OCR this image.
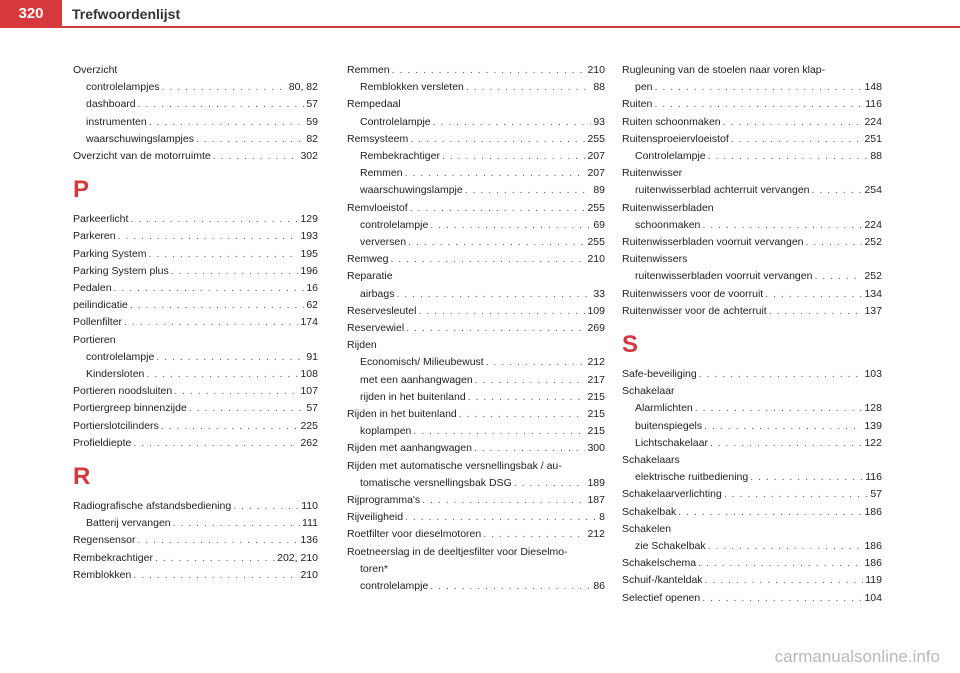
320	Trefwoordenlijst
Overzicht
controlelampjes . . .	80, 82
dashboard . . .	57
instrumenten . . .	59
waarschuwingslampjes . . .	82
Overzicht van de motorruimte . . .	302
P
Parkeerlicht . . .	129
Parkeren . . .	193
Parking System . . .	195
Parking System plus . . .	196
Pedalen . . .	16
peilindicatie . . .	62
Pollenfilter . . .	174
Portieren
controlelampje . . .	91
Kindersloten . . .	108
Portieren noodsluiten . . .	107
Portiergreep binnenzijde . . .	57
Portierslotcilinders . . .	225
Profieldiepte . . .	262
R
Radiografische afstandsbediening . . .	110
Batterij vervangen . . .	111
Regensensor . . .	136
Rembekrachtiger . . .	202, 210
Remblokken . . .	210
Remmen . . .	210
Remblokken versleten . . .	88
Rempedaal
Controlelampje . . .	93
Remsysteem . . .	255
Rembekrachtiger . . .	207
Remmen . . .	207
waarschuwingslampje . . .	89
Remvloeistof . . .	255
controlelampje . . .	69
verversen . . .	255
Remweg . . .	210
Reparatie
airbags . . .	33
Reservesleutel . . .	109
Reservewiel . . .	269
Rijden
Economisch/ Milieubewust . . .	212
met een aanhangwagen . . .	217
rijden in het buitenland . . .	215
Rijden in het buitenland . . .	215
koplampen . . .	215
Rijden met aanhangwagen . . .	300
Rijden met automatische versnellingsbak / au-
tomatische versnellingsbak DSG . . .	189
Rijprogramma's . . .	187
Rijveiligheid . . .	8
Roetfilter voor dieselmotoren . . .	212
Roetneerslag in de deeltjesfilter voor Dieselmo-
toren*
controlelampje . . .	86
Rugleuning van de stoelen naar voren klap-
pen . . .	148
Ruiten . . .	116
Ruiten schoonmaken . . .	224
Ruitensproeiervloeistof . . .	251
Controlelampje . . .	88
Ruitenwisser
ruitenwisserblad achterruit vervangen . . .	254
Ruitenwisserbladen
schoonmaken . . .	224
Ruitenwisserbladen voorruit vervangen . . .	252
Ruitenwissers
ruitenwisserbladen voorruit vervangen . . .	252
Ruitenwissers voor de voorruit . . .	134
Ruitenwisser voor de achterruit . . .	137
S
Safe-beveiliging . . .	103
Schakelaar
Alarmlichten . . .	128
buitenspiegels . . .	139
Lichtschakelaar . . .	122
Schakelaars
elektrische ruitbediening . . .	116
Schakelaarverlichting . . .	57
Schakelbak . . .	186
Schakelen
zie Schakelbak . . .	186
Schakelschema . . .	186
Schuif-/kanteldak . . .	119
Selectief openen . . .	104
carmanualsonline.info
